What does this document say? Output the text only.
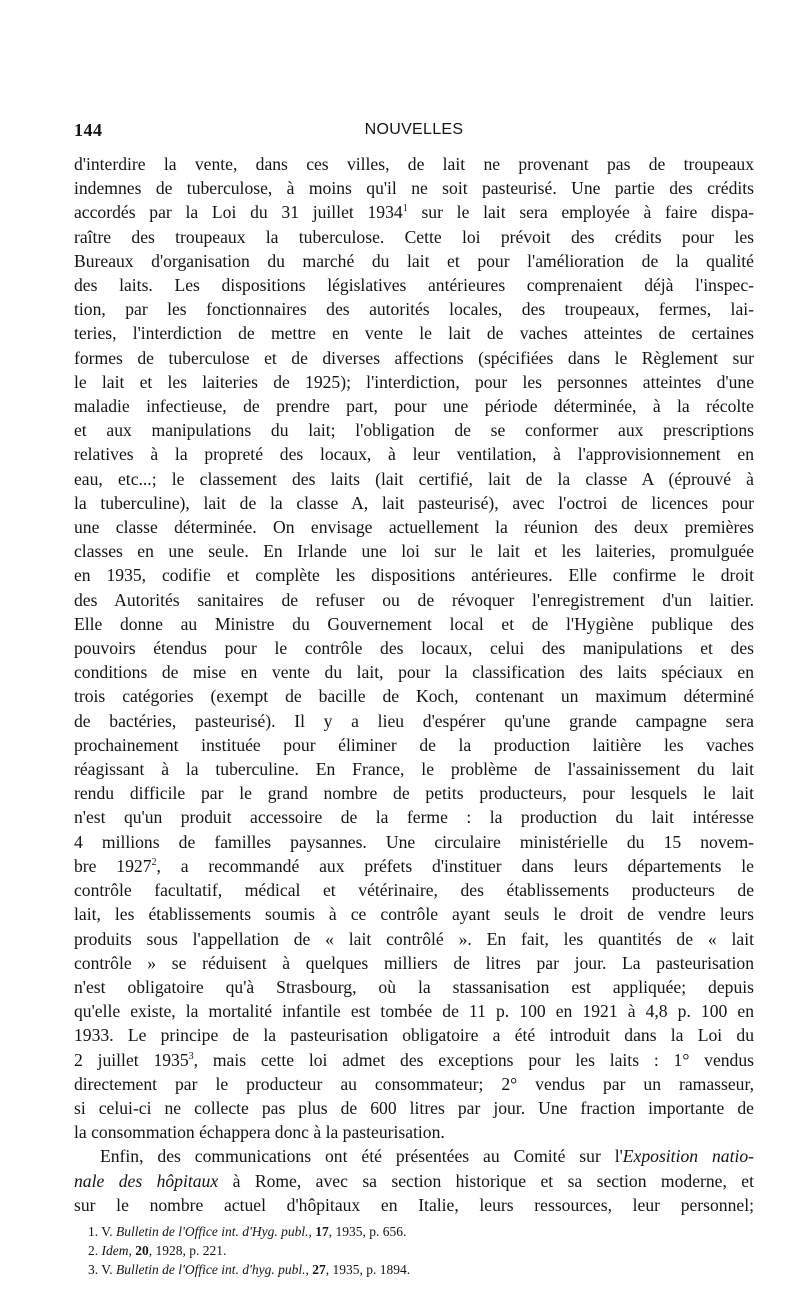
144	NOUVELLES

d'interdire la vente, dans ces villes, de lait ne provenant pas de troupeaux
indemnes de tuberculose, à moins qu'il ne soit pasteurisé. Une partie des crédits
accordés par la Loi du 31 juillet 1934$^1$ sur le lait sera employée à faire dispa-
raître des troupeaux la tuberculose. Cette loi prévoit des crédits pour les
Bureaux d'organisation du marché du lait et pour l'amélioration de la qualité
des laits. Les dispositions législatives antérieures comprenaient déjà l'inspec-
tion, par les fonctionnaires des autorités locales, des troupeaux, fermes, lai-
teries, l'interdiction de mettre en vente le lait de vaches atteintes de certaines
formes de tuberculose et de diverses affections (spécifiées dans le Règlement sur
le lait et les laiteries de 1925); l'interdiction, pour les personnes atteintes d'une
maladie infectieuse, de prendre part, pour une période déterminée, à la récolte
et aux manipulations du lait; l'obligation de se conformer aux prescriptions
relatives à la propreté des locaux, à leur ventilation, à l'approvisionnement en
eau, etc...; le classement des laits (lait certifié, lait de la classe A (éprouvé à
la tuberculine), lait de la classe A, lait pasteurisé), avec l'octroi de licences pour
une classe déterminée. On envisage actuellement la réunion des deux premières
classes en une seule. En Irlande une loi sur le lait et les laiteries, promulguée
en 1935, codifie et complète les dispositions antérieures. Elle confirme le droit
des Autorités sanitaires de refuser ou de révoquer l'enregistrement d'un laitier.
Elle donne au Ministre du Gouvernement local et de l'Hygiène publique des
pouvoirs étendus pour le contrôle des locaux, celui des manipulations et des
conditions de mise en vente du lait, pour la classification des laits spéciaux en
trois catégories (exempt de bacille de Koch, contenant un maximum déterminé
de bactéries, pasteurisé). Il y a lieu d'espérer qu'une grande campagne sera
prochainement instituée pour éliminer de la production laitière les vaches
réagissant à la tuberculine. En France, le problème de l'assainissement du lait
rendu difficile par le grand nombre de petits producteurs, pour lesquels le lait
n'est qu'un produit accessoire de la ferme : la production du lait intéresse
4 millions de familles paysannes. Une circulaire ministérielle du 15 novem-
bre 1927$^2$, a recommandé aux préfets d'instituer dans leurs départements le
contrôle facultatif, médical et vétérinaire, des établissements producteurs de
lait, les établissements soumis à ce contrôle ayant seuls le droit de vendre leurs
produits sous l'appellation de « lait contrôlé ». En fait, les quantités de « lait
contrôle » se réduisent à quelques milliers de litres par jour. La pasteurisation
n'est obligatoire qu'à Strasbourg, où la stassanisation est appliquée; depuis
qu'elle existe, la mortalité infantile est tombée de 11 p. 100 en 1921 à 4,8 p. 100 en
1933. Le principe de la pasteurisation obligatoire a été introduit dans la Loi du
2 juillet 1935$^3$, mais cette loi admet des exceptions pour les laits : 1° vendus
directement par le producteur au consommateur; 2° vendus par un ramasseur,
si celui-ci ne collecte pas plus de 600 litres par jour. Une fraction importante de
la consommation échappera donc à la pasteurisation.

Enfin, des communications ont été présentées au Comité sur l'Exposition natio-
nale des hôpitaux à Rome, avec sa section historique et sa section moderne, et
sur le nombre actuel d'hôpitaux en Italie, leurs ressources, leur personnel;
1. V. Bulletin de l'Office int. d'Hyg. publ., 17, 1935, p. 656.
2. Idem, 20, 1928, p. 221.
3. V. Bulletin de l'Office int. d'hyg. publ., 27, 1935, p. 1894.
